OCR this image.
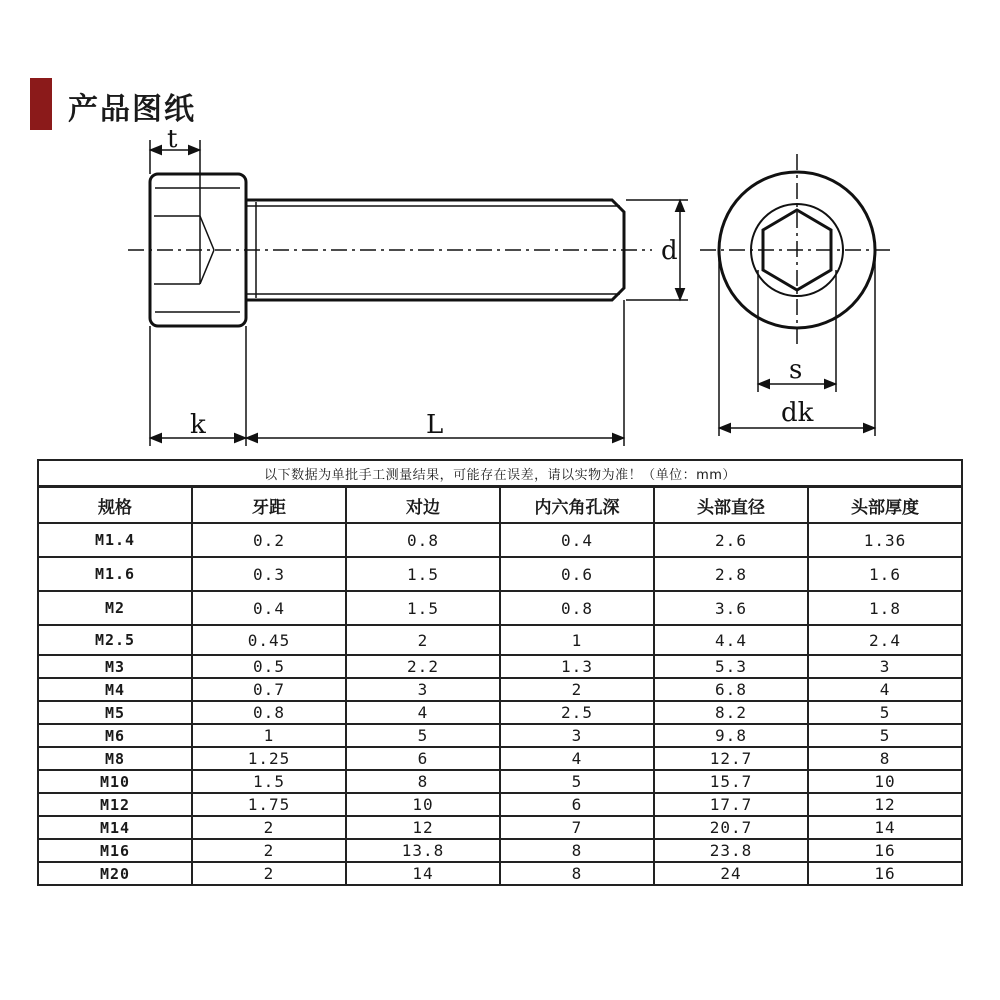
产品图纸
t
k	L
d
s
dk
以下数据为单批手工测量结果，可能存在误差，请以实物为准！（单位：mm）					
规格	牙距	对边	内六角孔深	头部直径	头部厚度
M1.4	0.2	0.8	0.4	2.6	1.36
M1.6	0.3	1.5	0.6	2.8	1.6
M2	0.4	1.5	0.8	3.6	1.8
M2.5	0.45	2	1	4.4	2.4
M3	0.5	2.2	1.3	5.3	3
M4	0.7	3	2	6.8	4
M5	0.8	4	2.5	8.2	5
M6	1	5	3	9.8	5
M8	1.25	6	4	12.7	8
M10	1.5	8	5	15.7	10
M12	1.75	10	6	17.7	12
M14	2	12	7	20.7	14
M16	2	13.8	8	23.8	16
M20	2	14	8	24	16
